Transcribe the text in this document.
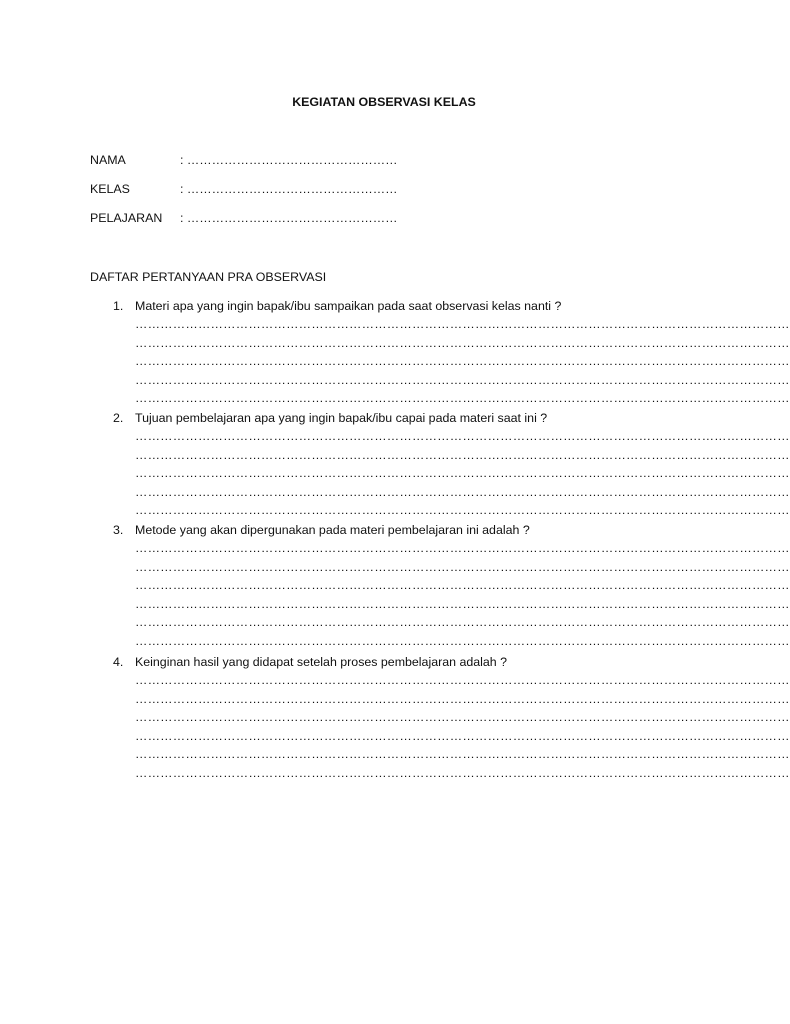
KEGIATAN OBSERVASI KELAS
NAMA	: ……………………………………………
KELAS	: ……………………………………………
PELAJARAN : ……………………………………………
DAFTAR PERTANYAAN PRA OBSERVASI
1. Materi apa yang ingin bapak/ibu sampaikan pada saat observasi kelas nanti ?
…………………………………………………………………………………………………………………………………………
…………………………………………………………………………………………………………………………………………
…………………………………………………………………………………………………………………………………………
…………………………………………………………………………………………………………………………………………
…………………………………………………………………………………………………………………………………………
2. Tujuan pembelajaran apa yang ingin bapak/ibu capai pada materi saat ini ?
…………………………………………………………………………………………………………………………………………
…………………………………………………………………………………………………………………………………………
…………………………………………………………………………………………………………………………………………
…………………………………………………………………………………………………………………………………………
…………………………………………………………………………………………………………………………………………
3. Metode yang akan dipergunakan pada materi pembelajaran ini adalah ?
…………………………………………………………………………………………………………………………………………
…………………………………………………………………………………………………………………………………………
…………………………………………………………………………………………………………………………………………
…………………………………………………………………………………………………………………………………………
…………………………………………………………………………………………………………………………………………
…………………………………………………………………………………………………………………………………………
4. Keinginan hasil yang didapat setelah proses pembelajaran adalah ?
…………………………………………………………………………………………………………………………………………
…………………………………………………………………………………………………………………………………………
…………………………………………………………………………………………………………………………………………
…………………………………………………………………………………………………………………………………………
…………………………………………………………………………………………………………………………………………
…………………………………………………………………………………………………………………………………………
